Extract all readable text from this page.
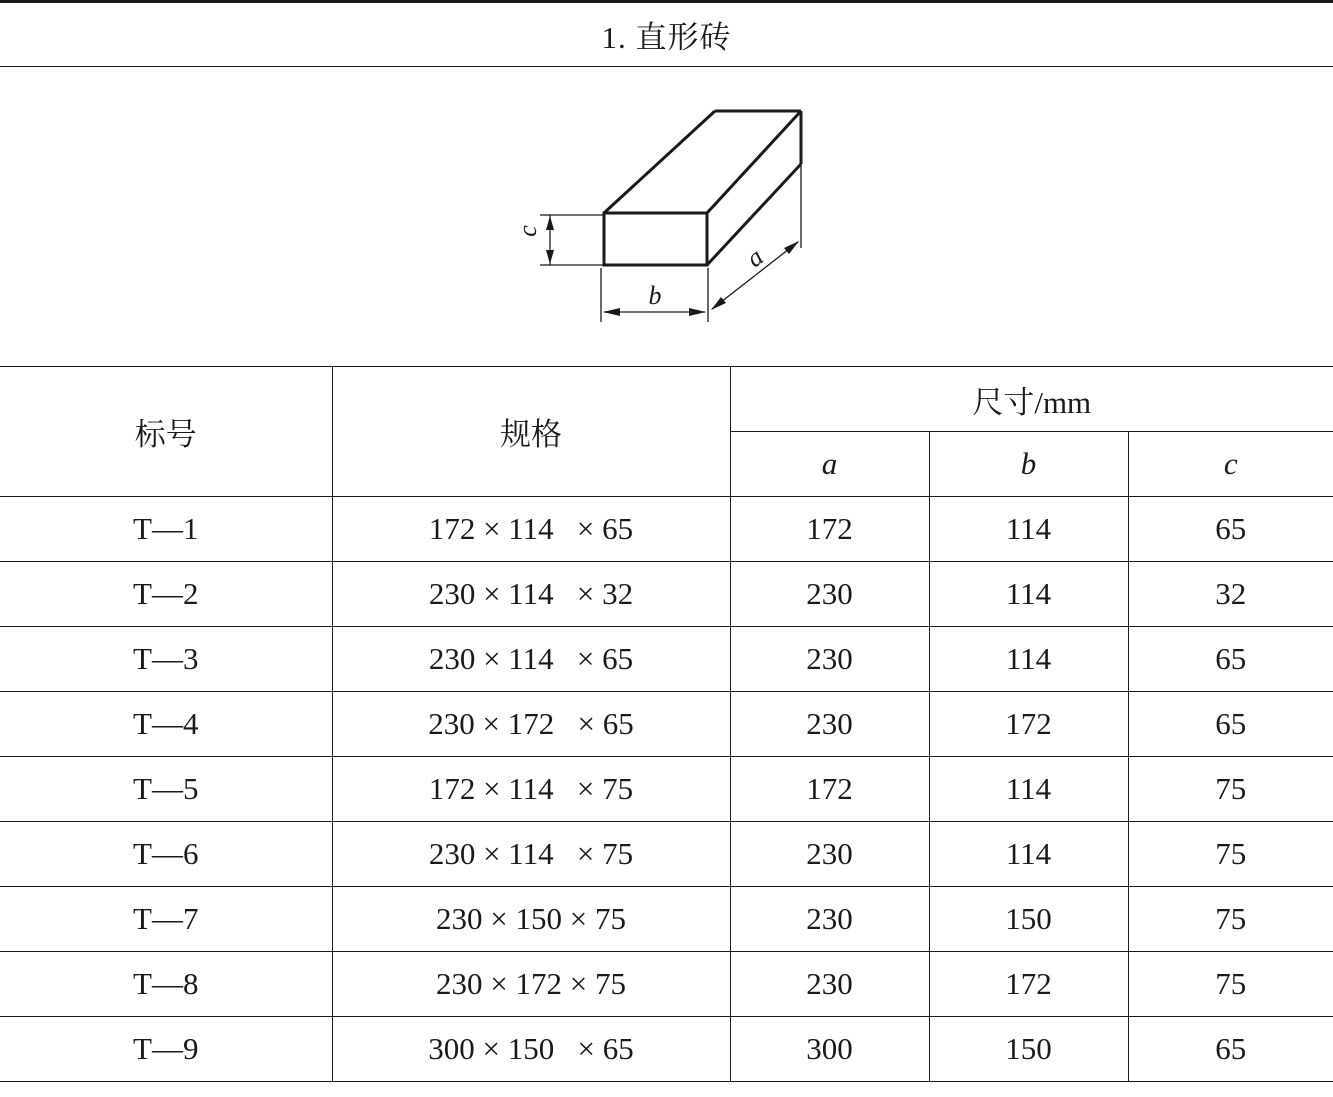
1. 直形砖
c
b
a
标号	规格	尺寸/mm		
		a	b	c
T—1	172 × 114   × 65	172	114	65
T—2	230 × 114   × 32	230	114	32
T—3	230 × 114   × 65	230	114	65
T—4	230 × 172   × 65	230	172	65
T—5	172 × 114   × 75	172	114	75
T—6	230 × 114   × 75	230	114	75
T—7	230 × 150 × 75	230	150	75
T—8	230 × 172 × 75	230	172	75
T—9	300 × 150   × 65	300	150	65
